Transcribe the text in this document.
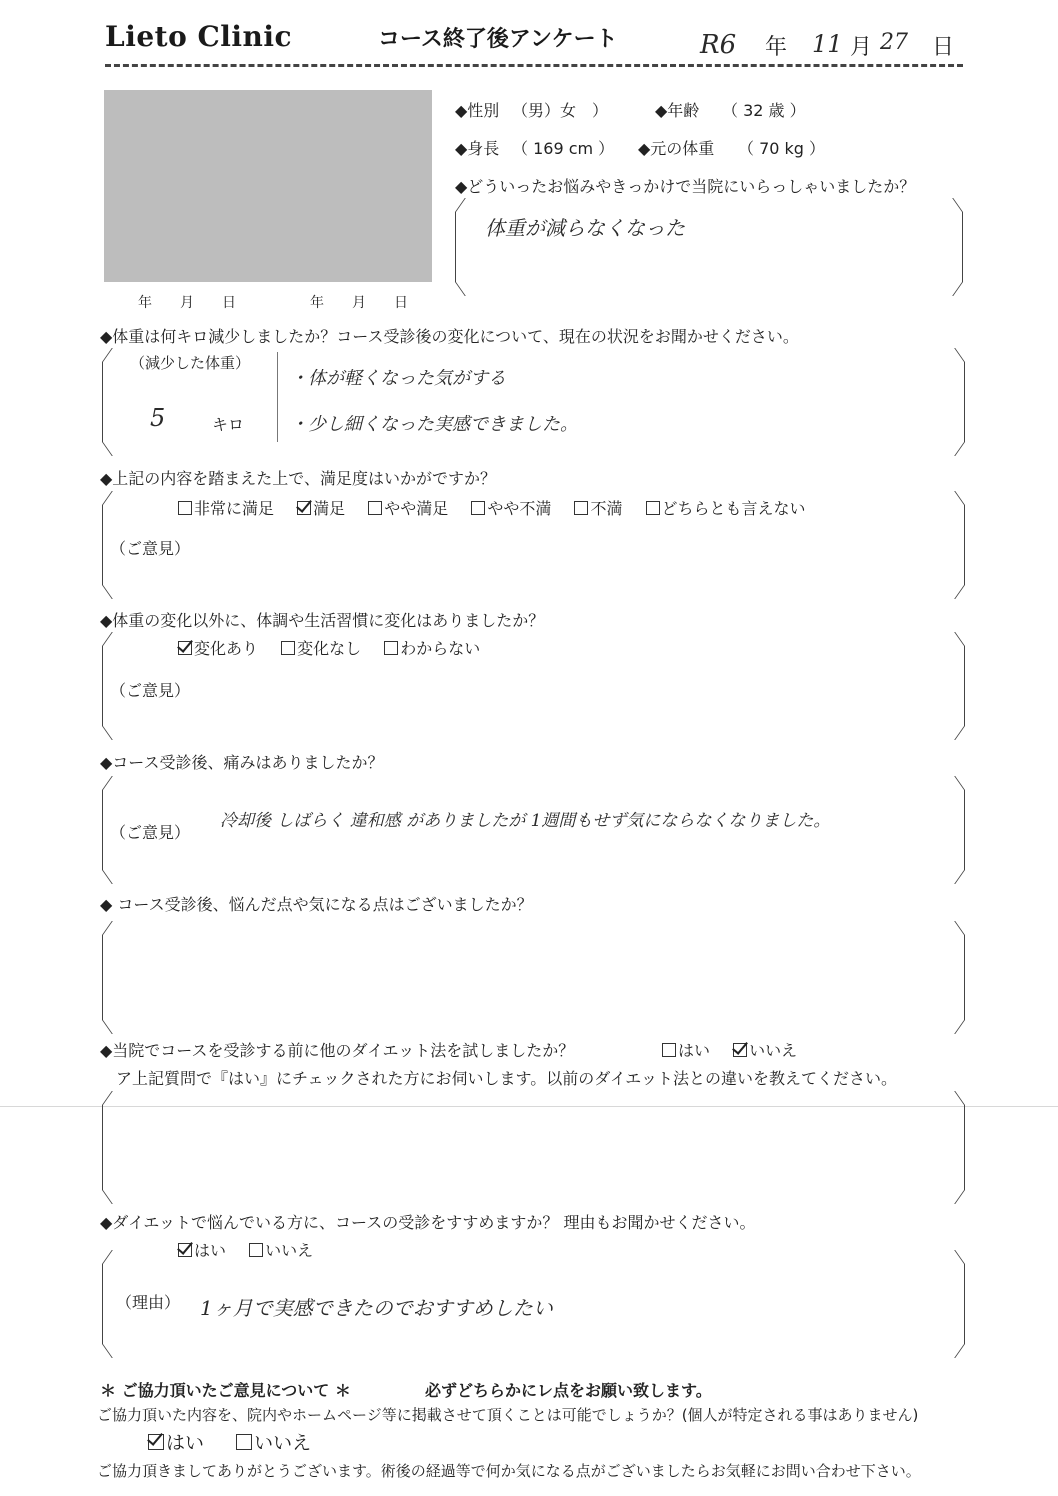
Lieto Clinic	コース終了後アンケート	R6 年 11 月 27 日
年　　月　　日	年　　月　　日
◆性別 （男）女　）	◆年齢 （ 32 歳 ）
◆身長 （ 169 cm ） ◆元の体重 （ 70 kg ）
◆どういったお悩みやきっかけで当院にいらっしゃいましたか？
体重が減らなくなった
◆体重は何キロ減少しましたか？コース受診後の変化について、現在の状況をお聞かせください。
（減少した体重）
5	キロ
・体が軽くなった気がする
・少し細くなった実感できました。
◆上記の内容を踏まえた上で、満足度はいかがですか？
非常に満足 満足 やや満足 やや不満 不満 どちらとも言えない
（ご意見）
◆体重の変化以外に、体調や生活習慣に変化はありましたか？
変化あり 変化なし わからない
（ご意見）
◆コース受診後、痛みはありましたか？
（ご意見）
冷却後 しばらく 違和感 がありましたが 1週間もせず気にならなくなりました。
◆ コース受診後、悩んだ点や気になる点はございましたか？
◆当院でコースを受診する前に他のダイエット法を試しましたか？	はい いいえ
ア上記質問で『はい』にチェックされた方にお伺いします。以前のダイエット法との違いを教えてください。
◆ダイエットで悩んでいる方に、コースの受診をすすめますか？ 理由もお聞かせください。
はい いいえ
（理由） 1ヶ月で実感できたのでおすすめしたい
＊ ご協力頂いたご意見について ＊	必ずどちらかにレ点をお願い致します。
ご協力頂いた内容を、院内やホームページ等に掲載させて頂くことは可能でしょうか？(個人が特定される事はありません)
はい	いいえ
ご協力頂きましてありがとうございます。術後の経過等で何か気になる点がございましたらお気軽にお問い合わせ下さい。
